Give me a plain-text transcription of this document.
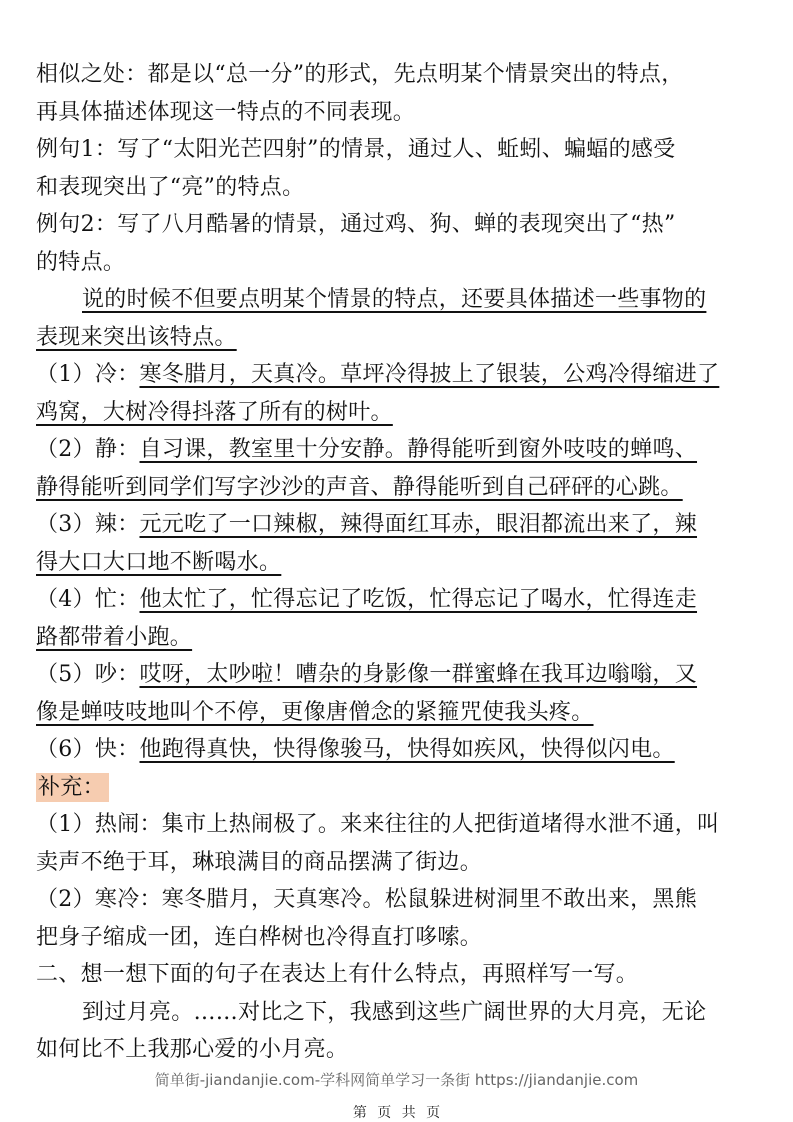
相似之处：都是以“总一分”的形式，先点明某个情景突出的特点，
再具体描述体现这一特点的不同表现。
例句1：写了“太阳光芒四射”的情景，通过人、蚯蚓、蝙蝠的感受
和表现突出了“亮”的特点。
例句2：写了八月酷暑的情景，通过鸡、狗、蝉的表现突出了“热”
的特点。
说的时候不但要点明某个情景的特点，还要具体描述一些事物的
表现来突出该特点。
（1）冷：寒冬腊月，天真冷。草坪冷得披上了银装，公鸡冷得缩进了
鸡窝，大树冷得抖落了所有的树叶。
（2）静：自习课，教室里十分安静。静得能听到窗外吱吱的蝉鸣、
静得能听到同学们写字沙沙的声音、静得能听到自己砰砰的心跳。
（3）辣：元元吃了一口辣椒，辣得面红耳赤，眼泪都流出来了，辣
得大口大口地不断喝水。
（4）忙：他太忙了，忙得忘记了吃饭，忙得忘记了喝水，忙得连走
路都带着小跑。
（5）吵：哎呀，太吵啦！嘈杂的身影像一群蜜蜂在我耳边嗡嗡，又
像是蝉吱吱地叫个不停，更像唐僧念的紧箍咒使我头疼。
（6）快：他跑得真快，快得像骏马，快得如疾风，快得似闪电。
补充：
（1）热闹：集市上热闹极了。来来往往的人把街道堵得水泄不通，叫
卖声不绝于耳，琳琅满目的商品摆满了街边。
（2）寒冷：寒冬腊月，天真寒冷。松鼠躲进树洞里不敢出来，黑熊
把身子缩成一团，连白桦树也冷得直打哆嗦。
二、想一想下面的句子在表达上有什么特点，再照样写一写。
到过月亮。……对比之下，我感到这些广阔世界的大月亮，无论
如何比不上我那心爱的小月亮。
简单街-jiandanjie.com-学科网简单学习一条街 https://jiandanjie.com
第 页 共 页
